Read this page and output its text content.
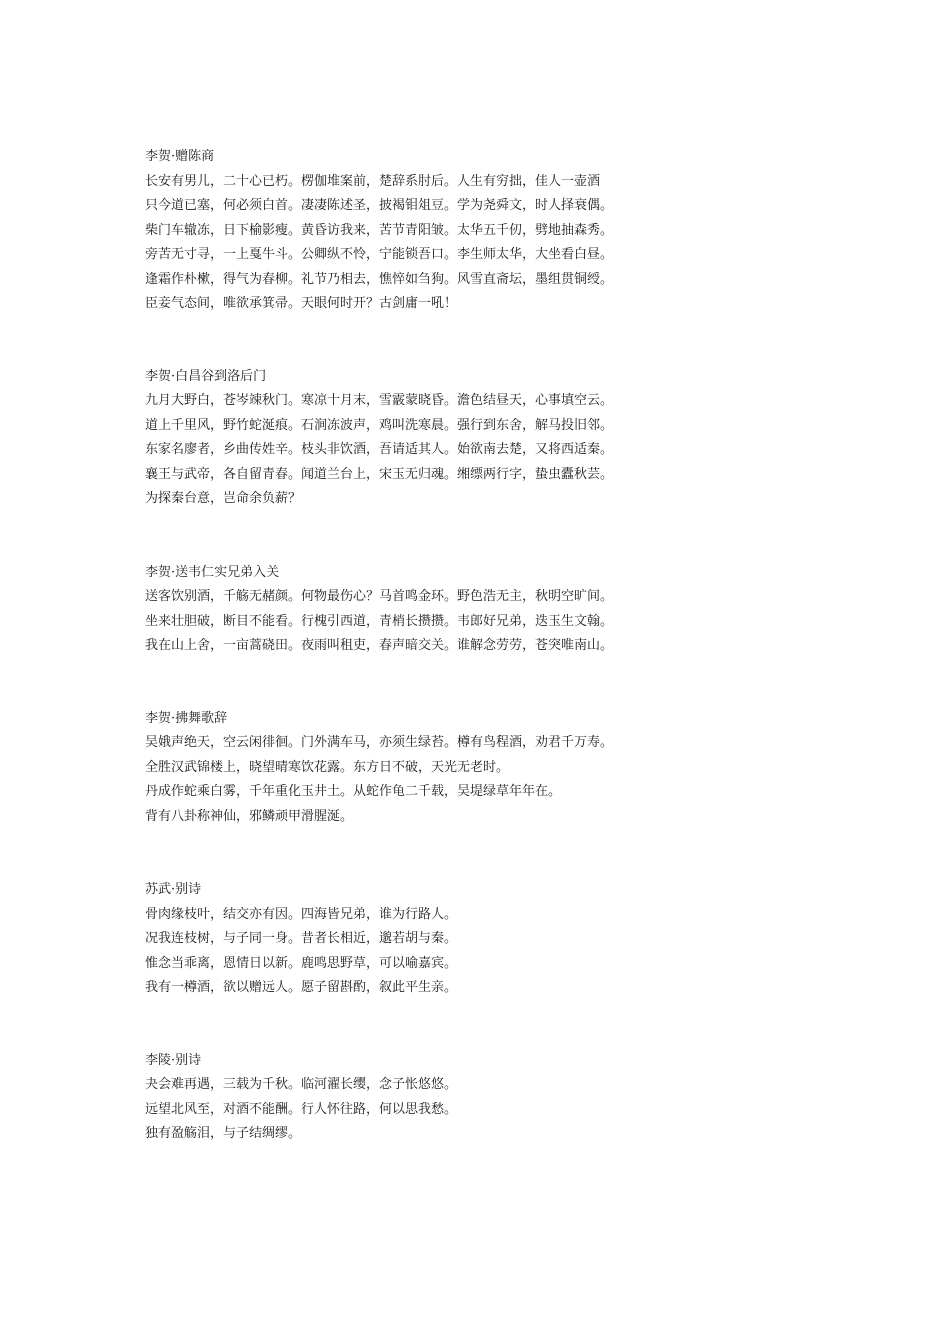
李贺·赠陈商
长安有男儿，二十心已朽。楞伽堆案前，楚辞系肘后。人生有穷拙，佳人一壶酒
只今道已塞，何必须白首。凄凄陈述圣，披褐钼俎豆。学为尧舜文，时人择衰偶。
柴门车辙冻，日下榆影瘦。黄昏访我来，苦节青阳皱。太华五千仞，劈地抽森秀。
旁苦无寸寻，一上戛牛斗。公卿纵不怜，宁能锁吾口。李生师太华，大坐看白昼。
逢霜作朴樕，得气为春柳。礼节乃相去，憔悴如刍狗。风雪直斋坛，墨组贯铜绶。
臣妾气态间，唯欲承箕帚。天眼何时开？古剑庸一吼！
李贺·白昌谷到洛后门
九月大野白，苍岑竦秋门。寒凉十月末，雪霰蒙晓昏。澹色结昼天，心事填空云。
道上千里风，野竹蛇涎痕。石涧冻波声，鸡叫洗寒晨。强行到东舍，解马投旧邻。
东家名廖者，乡曲传姓辛。枝头非饮酒，吾请适其人。始欲南去楚，又将西适秦。
襄王与武帝，各自留青春。闻道兰台上，宋玉无归魂。缃缥两行字，蛰虫蠹秋芸。
为探秦台意，岂命余负薪？
李贺·送韦仁实兄弟入关
送客饮别酒，千觞无赭颜。何物最伤心？马首鸣金环。野色浩无主，秋明空旷间。
坐来壮胆破，断目不能看。行槐引西道，青梢长攒攒。韦郎好兄弟，迭玉生文翰。
我在山上舍，一亩蒿硗田。夜雨叫租吏，春声暗交关。谁解念劳劳，苍突唯南山。
李贺·拂舞歌辞
吴娥声绝天，空云闲徘徊。门外满车马，亦须生绿苔。樽有鸟程酒，劝君千万寿。
全胜汉武锦楼上，晓望晴寒饮花露。东方日不破，天光无老时。
丹成作蛇乘白雾，千年重化玉井土。从蛇作龟二千载，吴堤绿草年年在。
背有八卦称神仙，邪鳞顽甲滑腥涎。
苏武·别诗
骨肉缘枝叶，结交亦有因。四海皆兄弟，谁为行路人。
况我连枝树，与子同一身。昔者长相近，邈若胡与秦。
惟念当乖离，恩情日以新。鹿鸣思野草，可以喻嘉宾。
我有一樽酒，欲以赠远人。愿子留斟酌，叙此平生亲。
李陵·别诗
夬会难再遇，三载为千秋。临河濯长缨，念子怅悠悠。
远望北风至，对酒不能酬。行人怀往路，何以思我愁。
独有盈觞泪，与子结绸缪。
